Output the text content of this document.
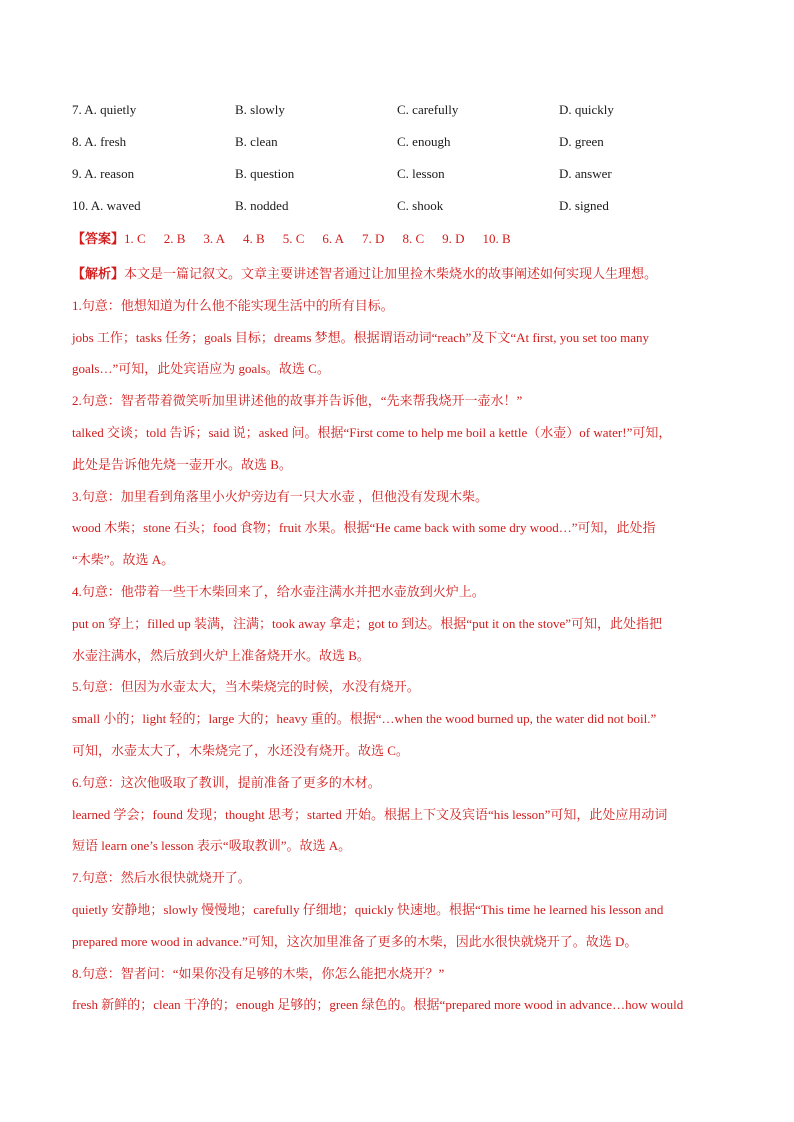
7. A. quietly	B. slowly	C. carefully	D. quickly
8. A. fresh	B. clean	C. enough	D. green
9. A. reason	B. question	C. lesson	D. answer
10. A. waved	B. nodded	C. shook	D. signed
【答案】1. C 2. B 3. A 4. B 5. C 6. A 7. D 8. C 9. D 10. B

【解析】本文是一篇记叙文。文章主要讲述智者通过让加里捡木柴烧水的故事阐述如何实现人生理想。

1.句意：他想知道为什么他不能实现生活中的所有目标。

jobs 工作；tasks 任务；goals 目标；dreams 梦想。根据谓语动词“reach”及下文“At first, you set too many

goals…”可知，此处宾语应为 goals。故选 C。

2.句意：智者带着微笑听加里讲述他的故事并告诉他，“先来帮我烧开一壶水！”

talked 交谈；told 告诉；said 说；asked 问。根据“First come to help me boil a kettle（水壶）of water!”可知，

此处是告诉他先烧一壶开水。故选 B。

3.句意：加里看到角落里小火炉旁边有一只大水壶 ，但他没有发现木柴。

wood 木柴；stone 石头；food 食物；fruit 水果。根据“He came back with some dry wood…”可知，此处指

“木柴”。故选 A。

4.句意：他带着一些干木柴回来了，给水壶注满水并把水壶放到火炉上。

put on 穿上；filled up 装满，注满；took away 拿走；got to 到达。根据“put it on the stove”可知，此处指把

水壶注满水，然后放到火炉上准备烧开水。故选 B。

5.句意：但因为水壶太大，当木柴烧完的时候，水没有烧开。

small 小的；light 轻的；large 大的；heavy 重的。根据“…when the wood burned up, the water did not boil.”

可知，水壶太大了，木柴烧完了，水还没有烧开。故选 C。

6.句意：这次他吸取了教训，提前准备了更多的木材。

learned 学会；found 发现；thought 思考；started 开始。根据上下文及宾语“his lesson”可知，此处应用动词

短语 learn one’s lesson 表示“吸取教训”。故选 A。

7.句意：然后水很快就烧开了。

quietly 安静地；slowly 慢慢地；carefully 仔细地；quickly 快速地。根据“This time he learned his lesson and

prepared more wood in advance.”可知，这次加里准备了更多的木柴，因此水很快就烧开了。故选 D。

8.句意：智者问：“如果你没有足够的木柴，你怎么能把水烧开？”

fresh 新鲜的；clean 干净的；enough 足够的；green 绿色的。根据“prepared more wood in advance…how would
